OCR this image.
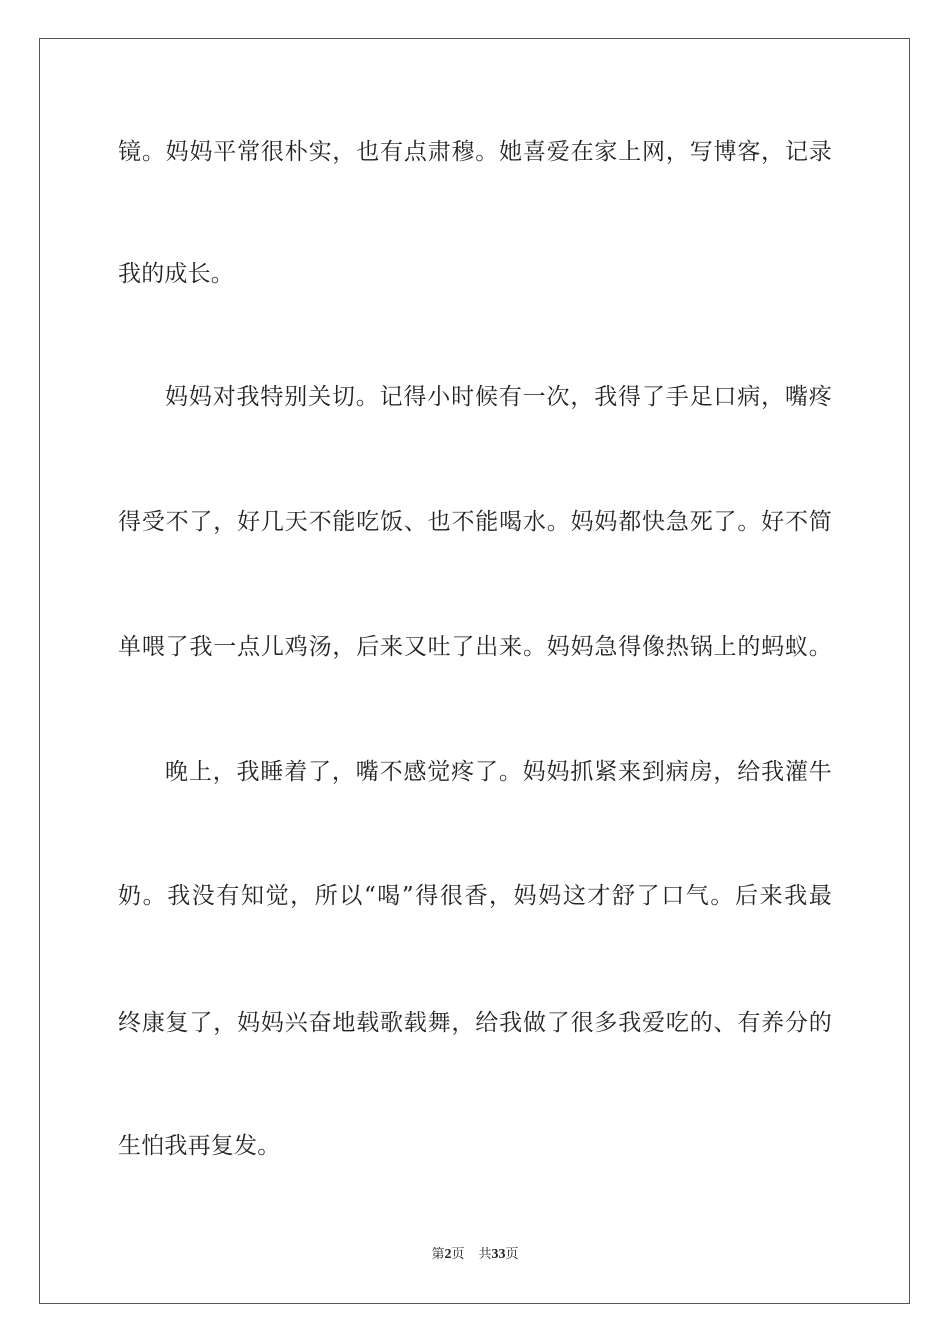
镜。妈妈平常很朴实，也有点肃穆。她喜爱在家上网，写博客，记录
我的成长。
妈妈对我特别关切。记得小时候有一次，我得了手足口病，嘴疼
得受不了，好几天不能吃饭、也不能喝水。妈妈都快急死了。好不简
单喂了我一点儿鸡汤，后来又吐了出来。妈妈急得像热锅上的蚂蚁。
晚上，我睡着了，嘴不感觉疼了。妈妈抓紧来到病房，给我灌牛
奶。我没有知觉，所以“喝”得很香，妈妈这才舒了口气。后来我最
终康复了，妈妈兴奋地载歌载舞，给我做了很多我爱吃的、有养分的
生怕我再复发。
第2页 共33页
